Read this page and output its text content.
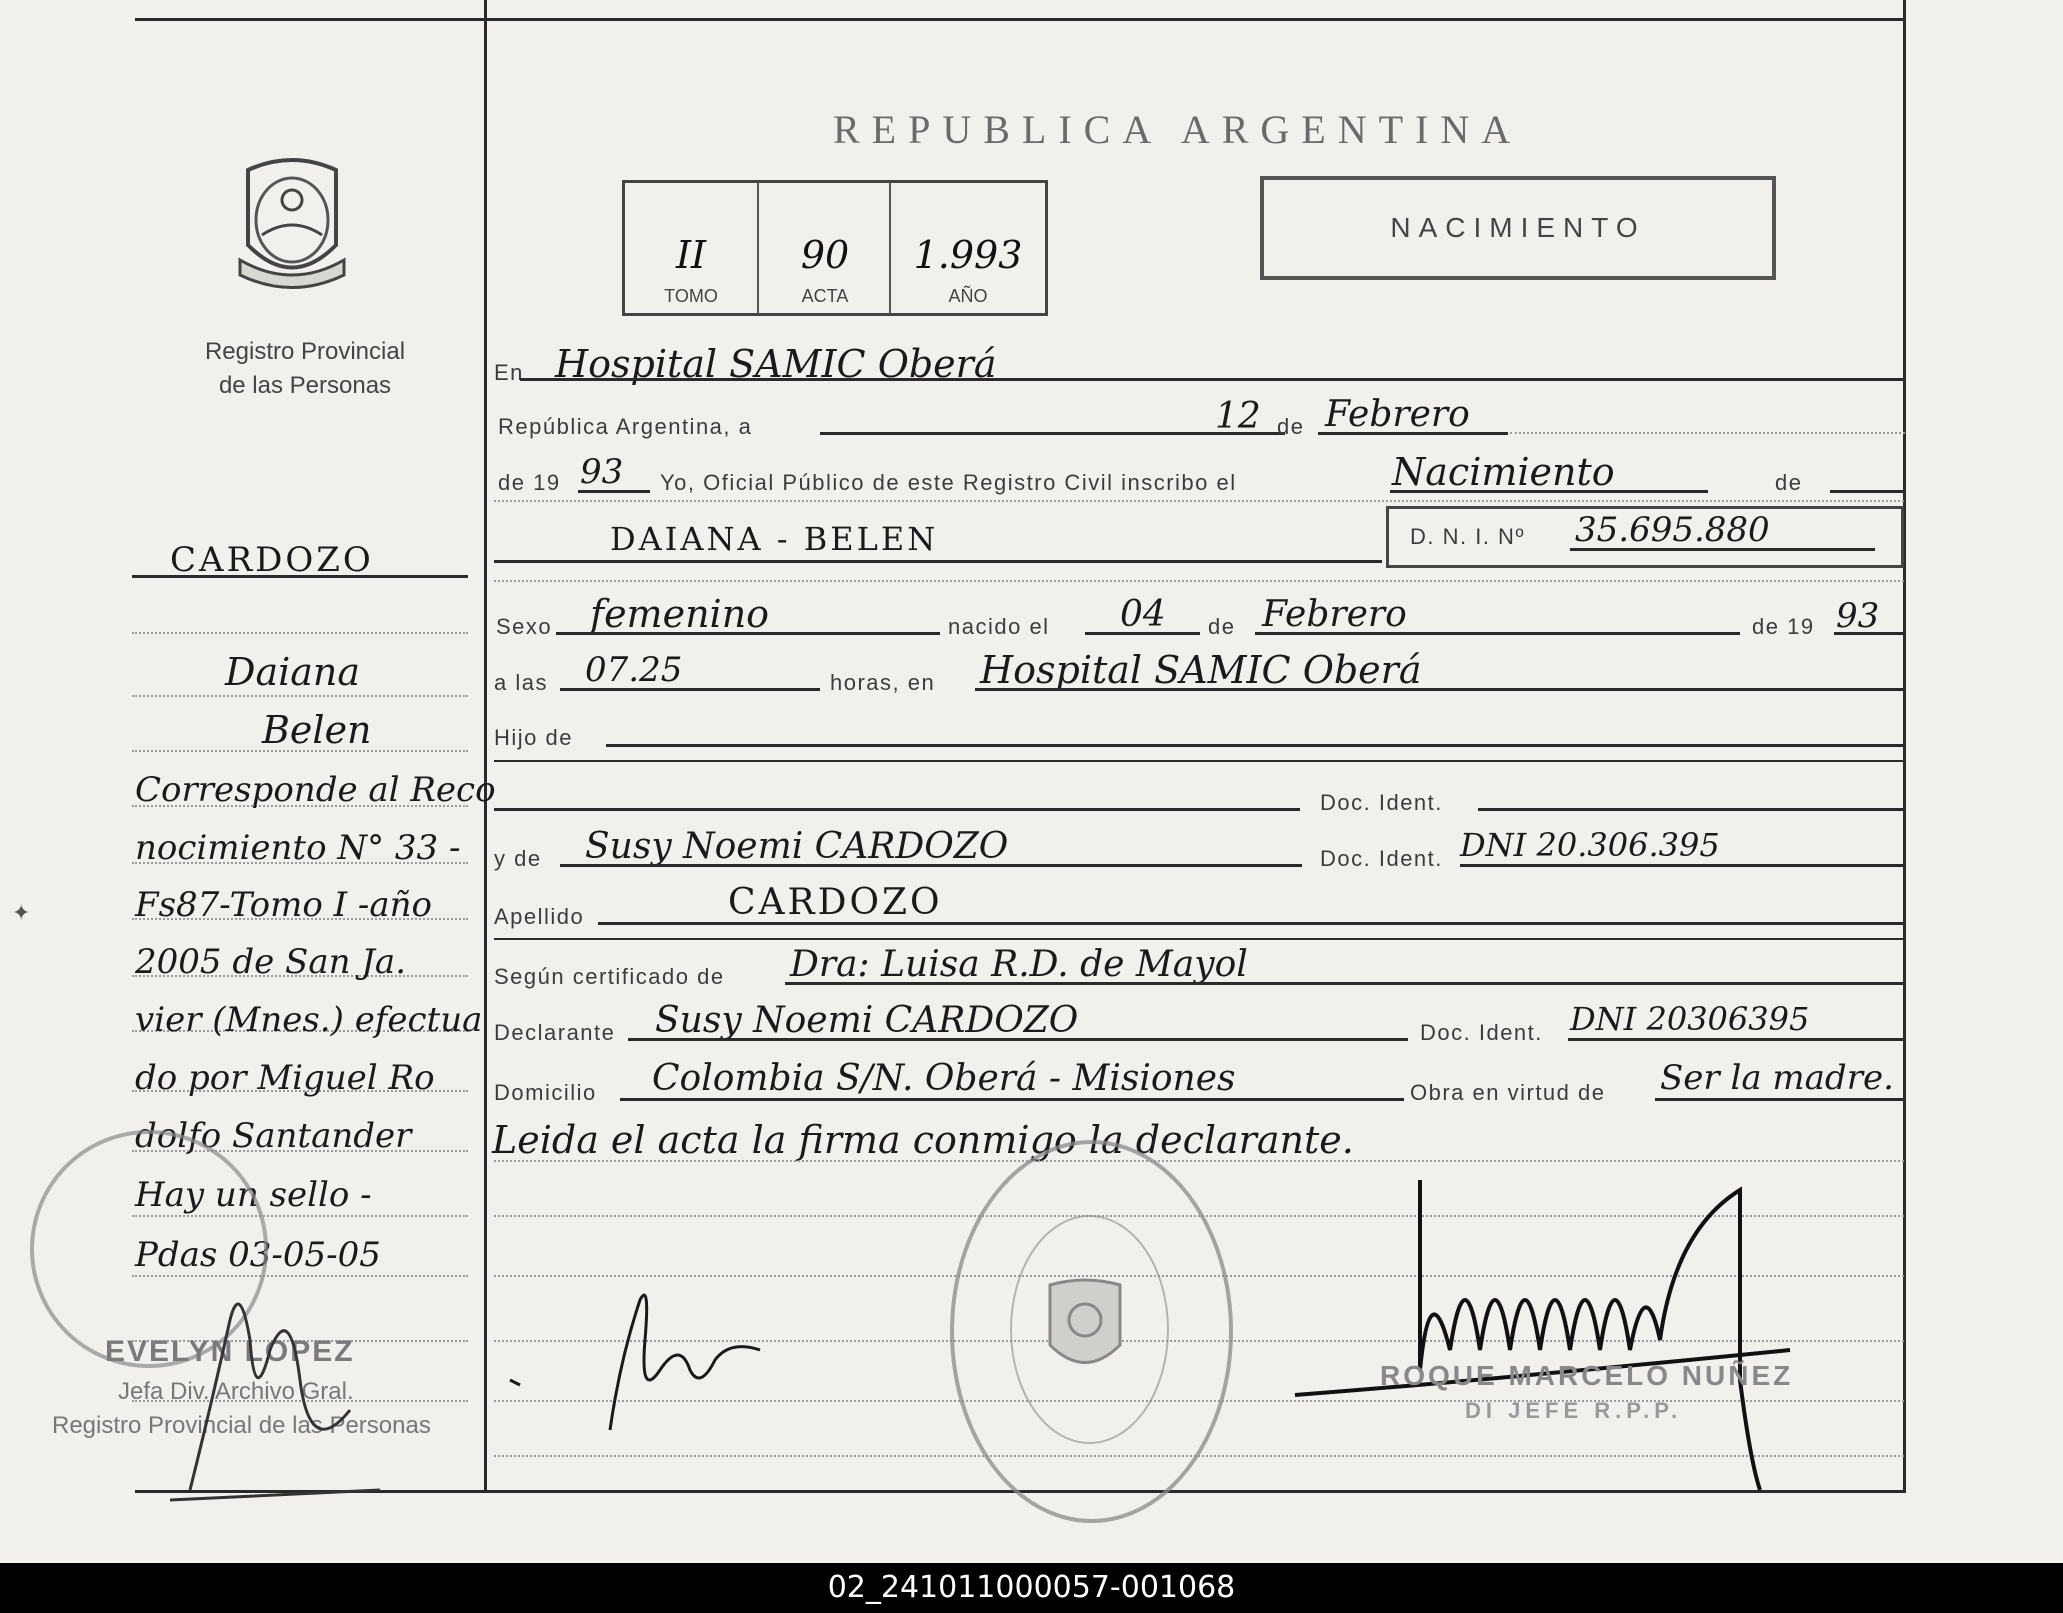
REPUBLICA ARGENTINA
II
TOMO
90
ACTA
1.993
AÑO
NACIMIENTO
Registro Provincial
de las Personas
CARDOZO
Daiana
Belen
Corresponde al Reco
nocimiento N° 33 -
Fs87-Tomo I -año
2005 de San Ja.
vier (Mnes.) efectua
do por Miguel Ro
dolfo Santander
Hay un sello -
Pdas 03-05-05
EVELYN LOPEZ
Jefa Div. Archivo Gral.
Registro Provincial de las Personas
En Hospital SAMIC Oberá
República Argentina, a	12 de Febrero
de 19 93 Yo, Oficial Público de este Registro Civil inscribo el	Nacimiento	de
DAIANA - BELEN	D. N. I. Nº 35.695.880
Sexo femenino	nacido el 04 de Febrero	de 19 93
a las 07.25	horas, en Hospital SAMIC Oberá
Hijo de
Doc. Ident.
y de Susy Noemi CARDOZO	Doc. Ident. DNI 20.306.395
Apellido	CARDOZO
Según certificado de Dra: Luisa R.D. de Mayol
Declarante Susy Noemi CARDOZO	Doc. Ident. DNI 20306395
Domicilio Colombia S/N. Oberá - Misiones	Obra en virtud de Ser la madre.
Leida el acta la firma conmigo la declarante.
ROQUE MARCELO NUÑEZ
DI JEFE R.P.P.
✦
02_241011000057-001068
